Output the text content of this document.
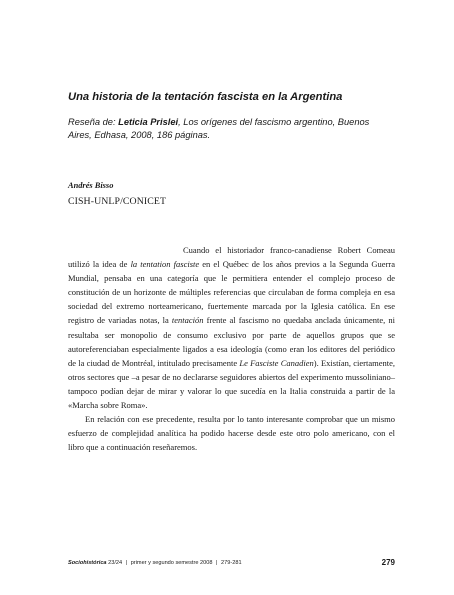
Una historia de la tentación fascista en la Argentina

Reseña de: Leticia Prislei, Los orígenes del fascismo argentino, Buenos Aires, Edhasa, 2008, 186 páginas.

Andrés Bisso

CISH-UNLP/CONICET

Cuando el historiador franco-canadiense Robert Comeau utilizó la idea de la tentation fasciste en el Québec de los años previos a la Segunda Guerra Mundial, pensaba en una categoría que le permitiera entender el complejo proceso de constitución de un horizonte de múltiples referencias que circulaban de forma compleja en esa sociedad del extremo norteamericano, fuertemente marcada por la Iglesia católica. En ese registro de variadas notas, la tentación frente al fascismo no quedaba anclada únicamente, ni resultaba ser monopolio de consumo exclusivo por parte de aquellos grupos que se autoreferenciaban especialmente ligados a esa ideología (como eran los editores del periódico de la ciudad de Montréal, intitulado precisamente Le Fasciste Canadien). Existían, ciertamente, otros sectores que –a pesar de no declararse seguidores abiertos del experimento mussoliniano– tampoco podían dejar de mirar y valorar lo que sucedía en la Italia construida a partir de la «Marcha sobre Roma».

En relación con ese precedente, resulta por lo tanto interesante comprobar que un mismo esfuerzo de complejidad analítica ha podido hacerse desde este otro polo americano, con el libro que a continuación reseñaremos.

Sociohistórica 23/24 | primer y segundo semestre 2008 | 279-281	279
